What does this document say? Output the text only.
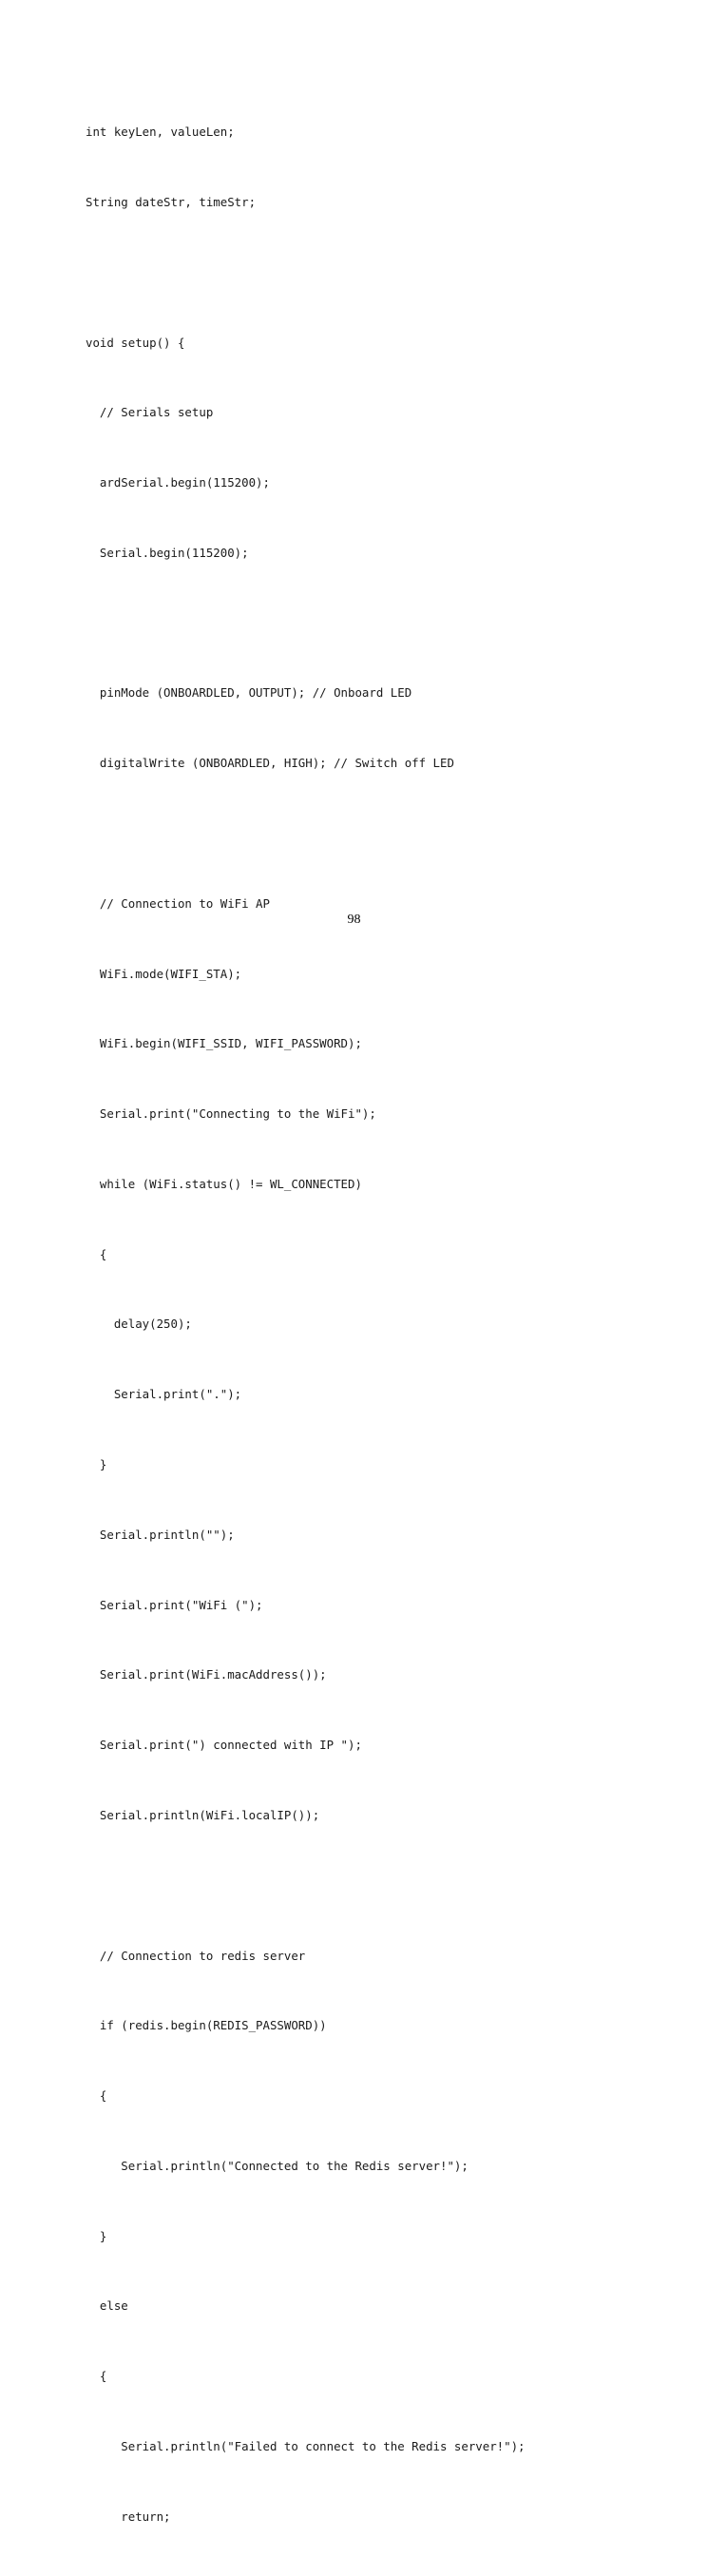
int keyLen, valueLen;

String dateStr, timeStr;

void setup() {

// Serials setup

ardSerial.begin(115200);

Serial.begin(115200);

pinMode (ONBOARDLED, OUTPUT); // Onboard LED

digitalWrite (ONBOARDLED, HIGH); // Switch off LED

// Connection to WiFi AP

WiFi.mode(WIFI_STA);

WiFi.begin(WIFI_SSID, WIFI_PASSWORD);

Serial.print("Connecting to the WiFi");

while (WiFi.status() != WL_CONNECTED)

{

delay(250);

Serial.print(".");

}

Serial.println("");

Serial.print("WiFi (");

Serial.print(WiFi.macAddress());

Serial.print(") connected with IP ");

Serial.println(WiFi.localIP());

// Connection to redis server

if (redis.begin(REDIS_PASSWORD))

{

Serial.println("Connected to the Redis server!");

}

else

{

Serial.println("Failed to connect to the Redis server!");

return;

98
